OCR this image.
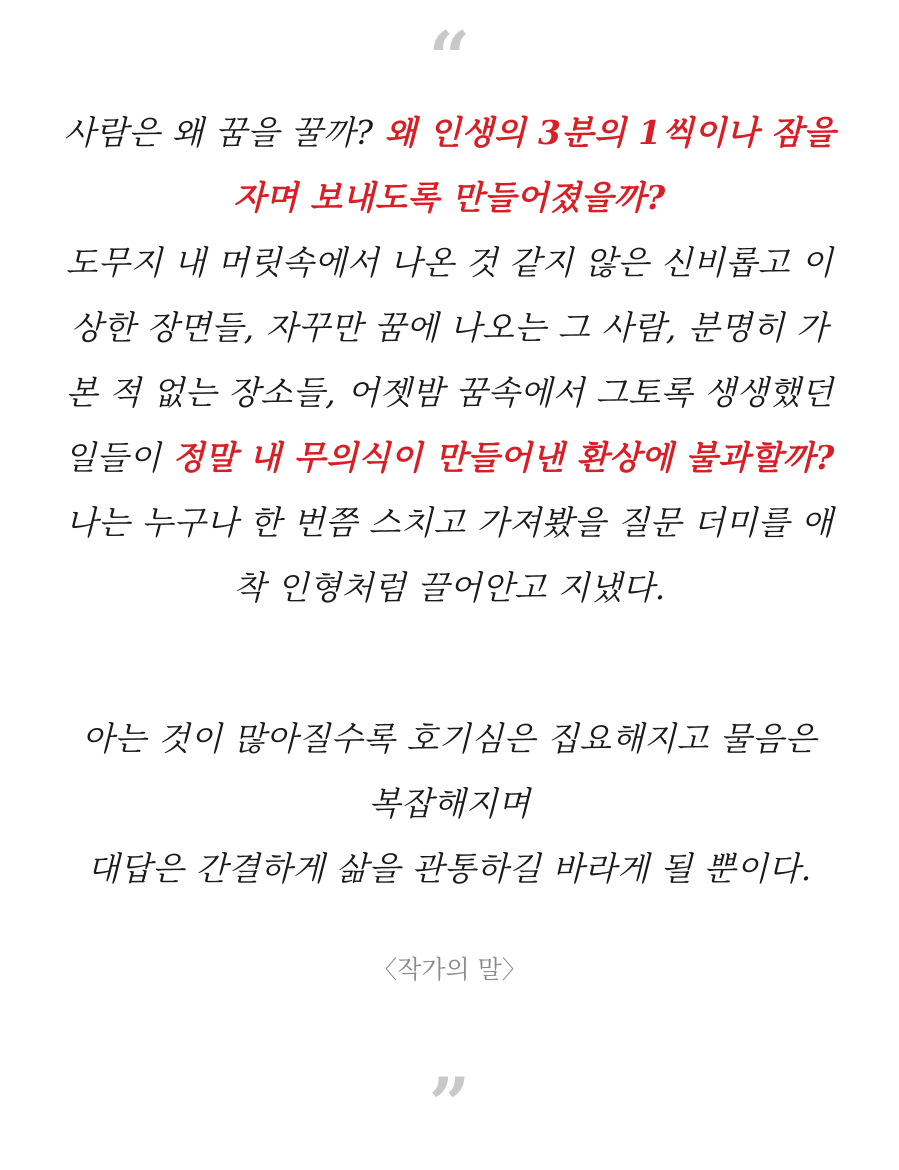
“
사람은 왜 꿈을 꿀까? 왜 인생의 3분의 1씩이나 잠을
자며 보내도록 만들어졌을까?
도무지 내 머릿속에서 나온 것 같지 않은 신비롭고 이
상한 장면들, 자꾸만 꿈에 나오는 그 사람, 분명히 가
본 적 없는 장소들, 어젯밤 꿈속에서 그토록 생생했던
일들이 정말 내 무의식이 만들어낸 환상에 불과할까?
나는 누구나 한 번쯤 스치고 가져봤을 질문 더미를 애
착 인형처럼 끌어안고 지냈다.
아는 것이 많아질수록 호기심은 집요해지고 물음은
복잡해지며
대답은 간결하게 삶을 관통하길 바라게 될 뿐이다.
〈작가의 말〉
”
